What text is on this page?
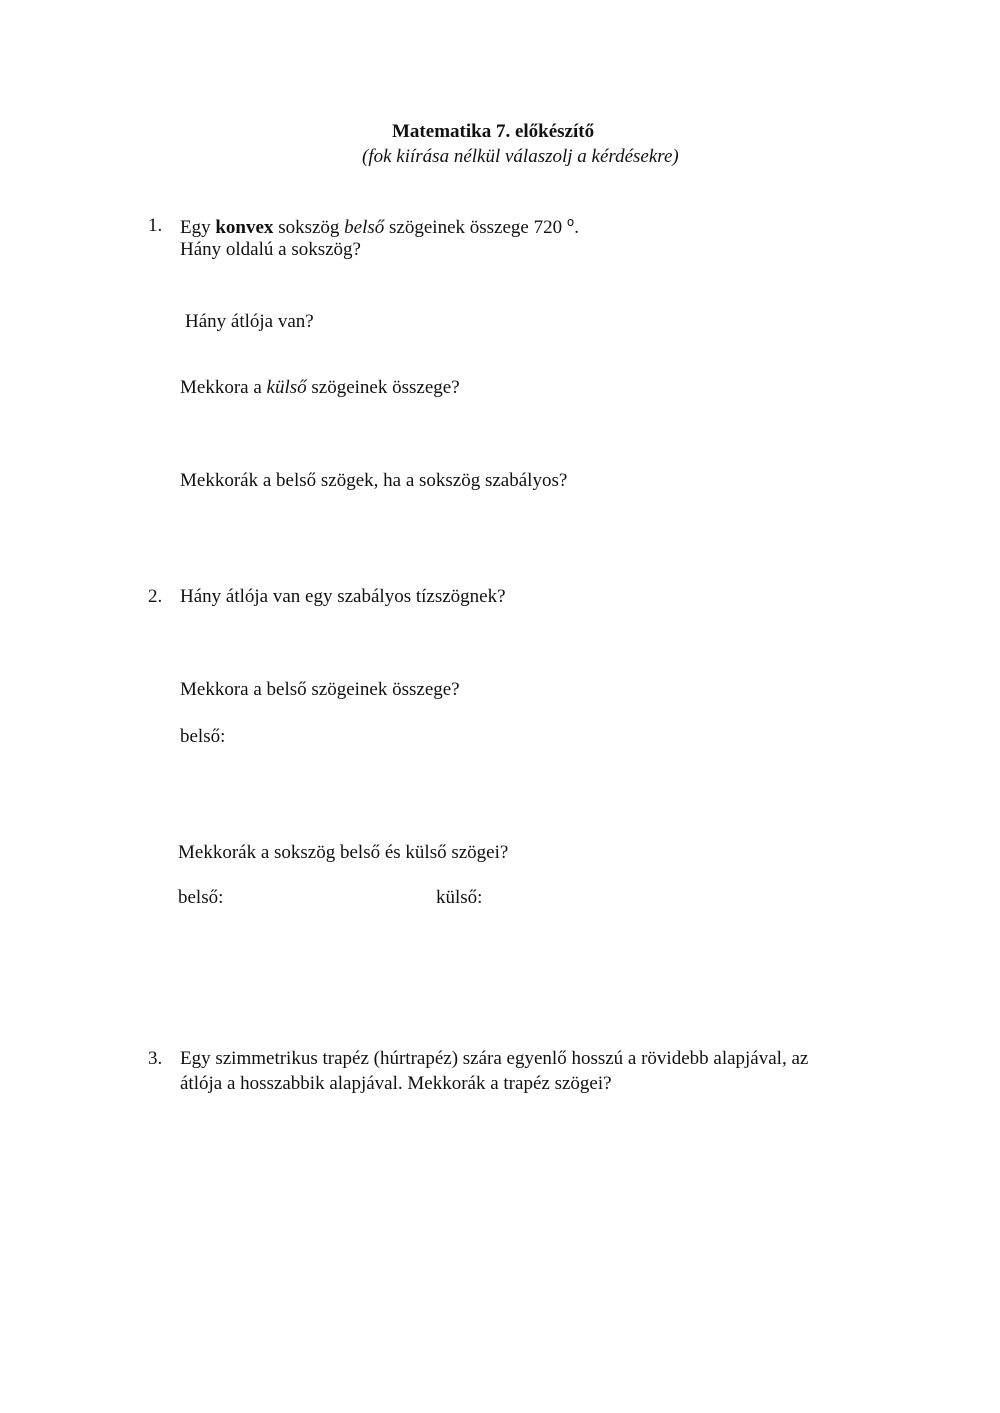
Matematika 7. előkészítő
(fok kiírása nélkül válaszolj a kérdésekre)
1. Egy konvex sokszög belső szögeinek összege 720 $^o$.
Hány oldalú a sokszög?
Hány átlója van?
Mekkora a külső szögeinek összege?
Mekkorák a belső szögek, ha a sokszög szabályos?
2. Hány átlója van egy szabályos tízszögnek?
Mekkora a belső szögeinek összege?
belső:
Mekkorák a sokszög belső és külső szögei?
belső:	külső:
3. Egy szimmetrikus trapéz (húrtrapéz) szára egyenlő hosszú a rövidebb alapjával, az
átlója a hosszabbik alapjával. Mekkorák a trapéz szögei?
